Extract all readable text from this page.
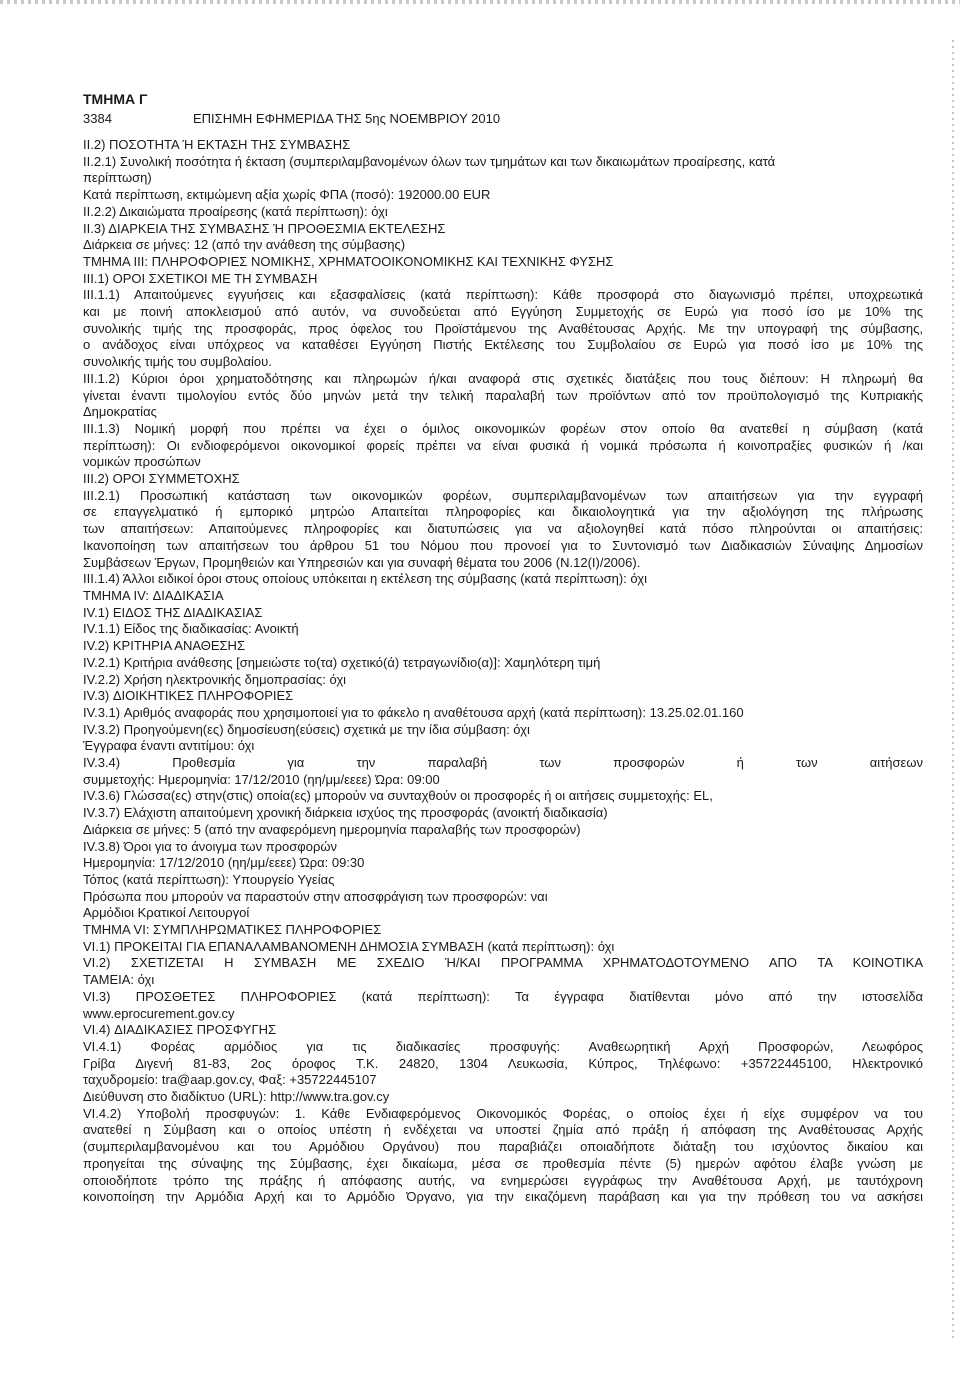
ΤΜΗΜΑ Γ
3384	ΕΠΙΣΗΜΗ ΕΦΗΜΕΡΙΔΑ ΤΗΣ 5ης ΝΟΕΜΒΡΙΟΥ 2010

ΙΙ.2) ΠΟΣΟΤΗΤΑ Ή ΕΚΤΑΣΗ ΤΗΣ ΣΥΜΒΑΣΗΣ

ΙΙ.2.1) Συνολική ποσότητα ή έκταση (συμπεριλαμβανομένων όλων των τμημάτων και των δικαιωμάτων προαίρεσης, κατά

περίπτωση)

Κατά περίπτωση, εκτιμώμενη αξία χωρίς ΦΠΑ (ποσό): 192000.00 EUR

ΙΙ.2.2) Δικαιώματα προαίρεσης (κατά περίπτωση): όχι

ΙΙ.3) ΔΙΑΡΚΕΙΑ ΤΗΣ ΣΥΜΒΑΣΗΣ Ή ΠΡΟΘΕΣΜΙΑ ΕΚΤΕΛΕΣΗΣ

Διάρκεια σε μήνες: 12 (από την ανάθεση της σύμβασης)

ΤΜΗΜΑ ΙΙΙ: ΠΛΗΡΟΦΟΡΙΕΣ ΝΟΜΙΚΗΣ, ΧΡΗΜΑΤΟΟΙΚΟΝΟΜΙΚΗΣ ΚΑΙ ΤΕΧΝΙΚΗΣ ΦΥΣΗΣ

ΙΙΙ.1) ΟΡΟΙ ΣΧΕΤΙΚΟΙ ΜΕ ΤΗ ΣΥΜΒΑΣΗ

ΙΙΙ.1.1) Απαιτούμενες εγγυήσεις και εξασφαλίσεις (κατά περίπτωση): Κάθε προσφορά στο διαγωνισμό πρέπει, υποχρεωτικά

και με ποινή αποκλεισμού από αυτόν, να συνοδεύεται από Εγγύηση Συμμετοχής σε Ευρώ για ποσό ίσο με 10% της

συνολικής τιμής της προσφοράς, προς όφελος του Προϊστάμενου της Αναθέτουσας Αρχής. Με την υπογραφή της σύμβασης,

ο ανάδοχος είναι υπόχρεος να καταθέσει Εγγύηση Πιστής Εκτέλεσης του Συμβολαίου σε Ευρώ για ποσό ίσο με 10% της

συνολικής τιμής του συμβολαίου.

ΙΙΙ.1.2) Κύριοι όροι χρηματοδότησης και πληρωμών ή/και αναφορά στις σχετικές διατάξεις που τους διέπουν: Η πληρωμή θα

γίνεται έναντι τιμολογίου εντός δύο μηνών μετά την τελική παραλαβή των προϊόντων από τον προϋπολογισμό της Κυπριακής

Δημοκρατίας

ΙΙΙ.1.3) Νομική μορφή που πρέπει να έχει ο όμιλος οικονομικών φορέων στον οποίο θα ανατεθεί η σύμβαση (κατά

περίπτωση): Οι ενδιοφερόμενοι οικονομικοί φορείς πρέπει να είναι φυσικά ή νομικά πρόσωπα ή κοινοπραξίες φυσικών ή /και

νομικών προσώπων

ΙΙΙ.2) ΟΡΟΙ ΣΥΜΜΕΤΟΧΗΣ

ΙΙΙ.2.1) Προσωπική κατάσταση των οικονομικών φορέων, συμπεριλαμβανομένων των απαιτήσεων για την εγγραφή

σε επαγγελματικό ή εμπορικό μητρώο Απαιτείται πληροφορίες και δικαιολογητικά για την αξιολόγηση της πλήρωσης

των απαιτήσεων: Απαιτούμενες πληροφορίες και διατυπώσεις για να αξιολογηθεί κατά πόσο πληρούνται οι απαιτήσεις:

Ικανοποίηση των απαιτήσεων του άρθρου 51 του Νόμου που προνοεί για το Συντονισμό των Διαδικασιών Σύναψης Δημοσίων

Συμβάσεων Έργων, Προμηθειών και Υπηρεσιών και για συναφή θέματα του 2006 (Ν.12(Ι)/2006).

ΙΙΙ.1.4) Άλλοι ειδικοί όροι στους οποίους υπόκειται η εκτέλεση της σύμβασης (κατά περίπτωση): όχι

ΤΜΗΜΑ IV: ΔΙΑΔΙΚΑΣΙΑ

IV.1) ΕΙΔΟΣ ΤΗΣ ΔΙΑΔΙΚΑΣΙΑΣ

IV.1.1) Είδος της διαδικασίας: Ανοικτή

IV.2) ΚΡΙΤΗΡΙΑ ΑΝΑΘΕΣΗΣ

IV.2.1) Κριτήρια ανάθεσης [σημειώστε το(τα) σχετικό(ά) τετραγωνίδιο(α)]: Χαμηλότερη τιμή

IV.2.2) Χρήση ηλεκτρονικής δημοπρασίας: όχι

IV.3) ΔΙΟΙΚΗΤΙΚΕΣ ΠΛΗΡΟΦΟΡΙΕΣ

IV.3.1) Αριθμός αναφοράς που χρησιμοποιεί για το φάκελο η αναθέτουσα αρχή (κατά περίπτωση): 13.25.02.01.160

IV.3.2) Προηγούμενη(ες) δημοσίευση(εύσεις) σχετικά με την ίδια σύμβαση: όχι

Έγγραφα έναντι αντιτίμου: όχι

IV.3.4) Προθεσμία για την παραλαβή των προσφορών ή των αιτήσεων

συμμετοχής: Ημερομηνία: 17/12/2010 (ηη/μμ/εεεε) Ώρα: 09:00

IV.3.6) Γλώσσα(ες) στην(στις) οποία(ες) μπορούν να συνταχθούν οι προσφορές ή οι αιτήσεις συμμετοχής: EL,

IV.3.7) Ελάχιστη απαιτούμενη χρονική διάρκεια ισχύος της προσφοράς (ανοικτή διαδικασία)

Διάρκεια σε μήνες: 5 (από την αναφερόμενη ημερομηνία παραλαβής των προσφορών)

IV.3.8) Όροι για το άνοιγμα των προσφορών

Ημερομηνία: 17/12/2010 (ηη/μμ/εεεε) Ώρα: 09:30

Τόπος (κατά περίπτωση): Υπουργείο Υγείας

Πρόσωπα που μπορούν να παραστούν στην αποσφράγιση των προσφορών: ναι

Αρμόδιοι Κρατικοί Λειτουργοί

ΤΜΗΜΑ VI: ΣΥΜΠΛΗΡΩΜΑΤΙΚΕΣ ΠΛΗΡΟΦΟΡΙΕΣ

VI.1) ΠΡΟΚΕΙΤΑΙ ΓΙΑ ΕΠΑΝΑΛΑΜΒΑΝΟΜΕΝΗ ΔΗΜΟΣΙΑ ΣΥΜΒΑΣΗ (κατά περίπτωση): όχι

VI.2) ΣΧΕΤΙΖΕΤΑΙ Η ΣΥΜΒΑΣΗ ΜΕ ΣΧΕΔΙΟ Ή/ΚΑΙ ΠΡΟΓΡΑΜΜΑ ΧΡΗΜΑΤΟΔΟΤΟΥΜΕΝΟ ΑΠΟ ΤΑ ΚΟΙΝΟΤΙΚΑ

ΤΑΜΕΙΑ: όχι

VI.3) ΠΡΟΣΘΕΤΕΣ ΠΛΗΡΟΦΟΡΙΕΣ (κατά περίπτωση): Τα έγγραφα διατίθενται μόνο από την ιστοσελίδα

www.eprocurement.gov.cy

VI.4) ΔΙΑΔΙΚΑΣΙΕΣ ΠΡΟΣΦΥΓΗΣ

VI.4.1) Φορέας αρμόδιος για τις διαδικασίες προσφυγής: Αναθεωρητική Αρχή Προσφορών, Λεωφόρος

Γρίβα Διγενή 81-83, 2ος όροφος Τ.Κ. 24820, 1304 Λευκωσία, Κύπρος, Τηλέφωνο: +35722445100, Ηλεκτρονικό

ταχυδρομείο: tra@aap.gov.cy, Φαξ: +35722445107

Διεύθυνση στο διαδίκτυο (URL): http://www.tra.gov.cy

VI.4.2) Υποβολή προσφυγών: 1. Κάθε Ενδιαφερόμενος Οικονομικός Φορέας, ο οποίος έχει ή είχε συμφέρον να του

ανατεθεί η Σύμβαση και ο οποίος υπέστη ή ενδέχεται να υποστεί ζημία από πράξη ή απόφαση της Αναθέτουσας Αρχής

(συμπεριλαμβανομένου και του Αρμόδιου Οργάνου) που παραβιάζει οποιαδήποτε διάταξη του ισχύοντος δικαίου και

προηγείται της σύναψης της Σύμβασης, έχει δικαίωμα, μέσα σε προθεσμία πέντε (5) ημερών αφότου έλαβε γνώση με

οποιοδήποτε τρόπο της πράξης ή απόφασης αυτής, να ενημερώσει εγγράφως την Αναθέτουσα Αρχή, με ταυτόχρονη

κοινοποίηση την Αρμόδια Αρχή και το Αρμόδιο Όργανο, για την εικαζόμενη παράβαση και για την πρόθεση του να ασκήσει
